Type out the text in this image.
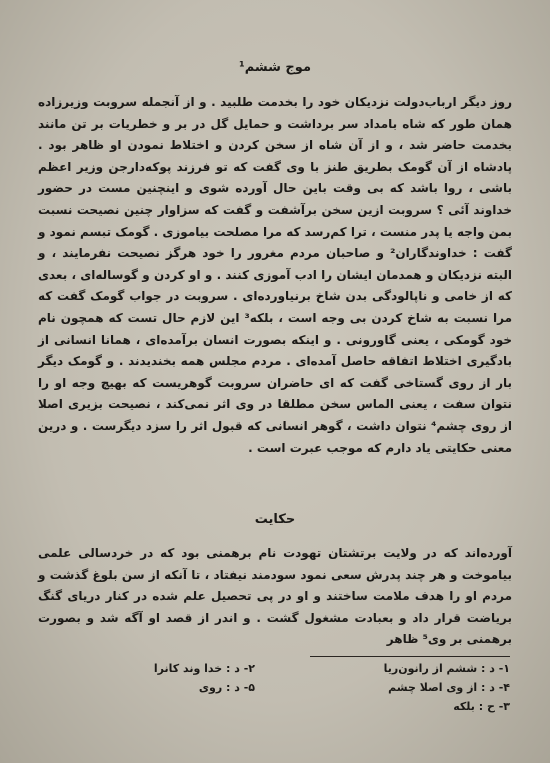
موج ششم¹

روز دیگر ارباب‌دولت نزدیکان خود را بخدمت طلبید . و از آنجمله سروبت وزیرزاده همان طور که شاه بامداد سر برداشت و حمایل گل در بر و خطریات بر تن مانند بخدمت حاضر شد ، و از آن شاه از سخن کردن و اختلاط نمودن او ظاهر بود . پادشاه از آن گومک بطریق طنز با وی گفت که تو فرزند پوکه‌دارجن وزیر اعظم باشی ، روا باشد که بی وقت باین حال آورده شوی و اینچنین مست در حضور خداوند آئی ؟ سروبت ازین سخن برآشفت و گفت که سزاوار چنین نصیحت نسبت بمن واجه یا پدر منست ، ترا کم‌رسد که مرا مصلحت بیاموزی . گومک تبسم نمود و گفت : خداوندگاران² و صاحبان مردم مغرور را خود هرگز نصیحت نفرمایند ، و البته نزدیکان و همدمان ایشان را ادب آموزی کنند . و او کردن و گوساله‌ای ، بعدی که از خامی و ناپالودگی بدن شاخ برنیاورده‌ای . سروبت در جواب گومک گفت که مرا نسبت به شاخ کردن بی وجه است ، بلکه³ این لازم حال تست که همچون نام خود گومکی ، یعنی گاورونی . و اینکه بصورت انسان برآمده‌ای ، همانا انسانی از بادگیری اختلاط اتفاقه حاصل آمده‌ای . مردم مجلس همه بخندیدند . و گومک دیگر بار از روی گستاخی گفت که ای حاضران سروبت گوهریست که بهیچ وجه او را نتوان سفت ، یعنی الماس سخن مطلقا در وی اثر نمی‌کند ، نصیحت بزیری اصلا از روی چشم⁴ نتوان داشت ، گوهر انسانی که قبول اثر را سزد دیگرست . و درین معنی حکایتی یاد دارم که موجب عبرت است .

حکایت

آورده‌اند که در ولایت برتشتان تهودت نام برهمنی بود که در خردسالی علمی بیاموخت و هر چند پدرش سعی نمود سودمند نیفتاد ، تا آنکه از سن بلوغ گذشت و مردم او را هدف ملامت ساختند و او در پی تحصیل علم شده در کنار دریای گنگ بریاضت قرار داد و بعبادت مشغول گشت . و اندر از قصد او آگه شد و بصورت برهمنی بر وی⁵ ظاهر

۱- د : ششم از رانون‌ریا
۲- د : خدا وند کانرا
۴- د : از وی اصلا چشم
۵- د : روی
۳- ح : بلکه
